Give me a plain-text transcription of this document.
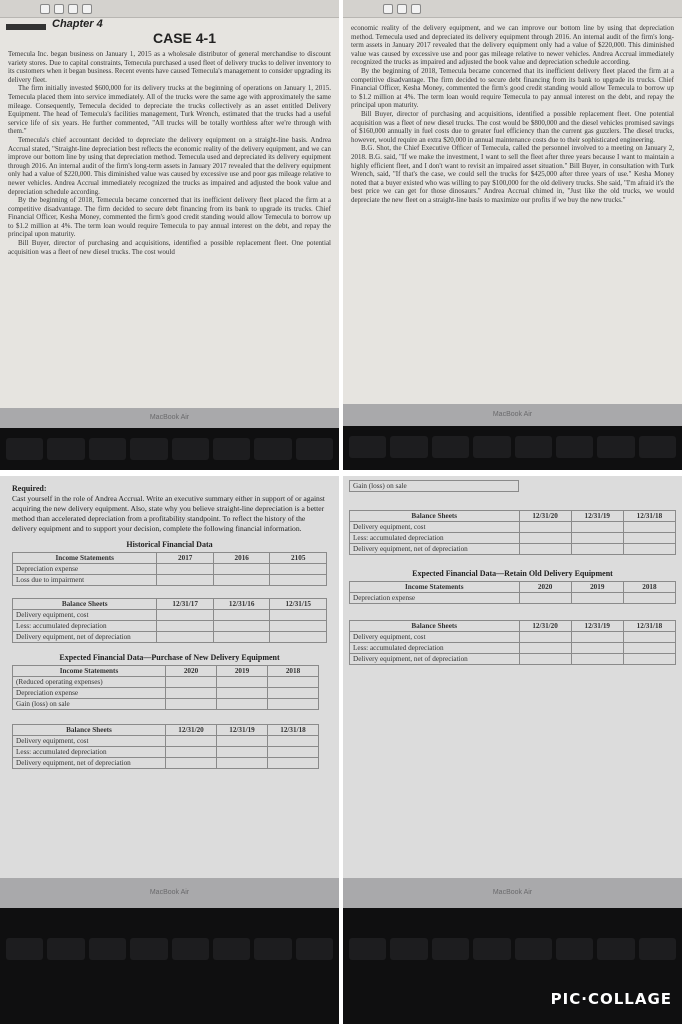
Chapter 4
CASE 4-1

Temecula Inc. began business on January 1, 2015 as a wholesale distributor of general merchandise to discount variety stores. Due to capital constraints, Temecula purchased a used fleet of delivery trucks to deliver inventory to its customers when it began business. Recent events have caused Temecula's management to consider upgrading its delivery fleet.

The firm initially invested $600,000 for its delivery trucks at the beginning of operations on January 1, 2015. Temecula placed them into service immediately. All of the trucks were the same age with approximately the same mileage. Consequently, Temecula decided to depreciate the trucks collectively as an asset entitled Delivery Equipment. The head of Temecula's facilities management, Turk Wrench, estimated that the trucks had a useful service life of six years. He further commented, "All trucks will be totally worthless after we're through with them."

Temecula's chief accountant decided to depreciate the delivery equipment on a straight-line basis. Andrea Accrual stated, "Straight-line depreciation best reflects the economic reality of the delivery equipment, and we can improve our bottom line by using that depreciation method. Temecula used and depreciated its delivery equipment through 2016. An internal audit of the firm's long-term assets in January 2017 revealed that the delivery equipment only had a value of $220,000. This diminished value was caused by excessive use and poor gas mileage relative to newer vehicles. Andrea Accrual immediately recognized the trucks as impaired and adjusted the book value and depreciation schedule according.

By the beginning of 2018, Temecula became concerned that its inefficient delivery fleet placed the firm at a competitive disadvantage. The firm decided to secure debt financing from its bank to upgrade its trucks. Chief Financial Officer, Kesha Money, commented the firm's good credit standing would allow Temecula to borrow up to $1.2 million at 4%. The term loan would require Temecula to pay annual interest on the debt, and repay the principal upon maturity.

Bill Buyer, director of purchasing and acquisitions, identified a possible replacement fleet. One potential acquisition was a fleet of new diesel trucks. The cost would

MacBook Air

economic reality of the delivery equipment, and we can improve our bottom line by using that depreciation method. Temecula used and depreciated its delivery equipment through 2016. An internal audit of the firm's long-term assets in January 2017 revealed that the delivery equipment only had a value of $220,000. This diminished value was caused by excessive use and poor gas mileage relative to newer vehicles. Andrea Accrual immediately recognized the trucks as impaired and adjusted the book value and depreciation schedule according.

By the beginning of 2018, Temecula became concerned that its inefficient delivery fleet placed the firm at a competitive disadvantage. The firm decided to secure debt financing from its bank to upgrade its trucks. Chief Financial Officer, Kesha Money, commented the firm's good credit standing would allow Temecula to borrow up to $1.2 million at 4%. The term loan would require Temecula to pay annual interest on the debt, and repay the principal upon maturity.

Bill Buyer, director of purchasing and acquisitions, identified a possible replacement fleet. One potential acquisition was a fleet of new diesel trucks. The cost would be $800,000 and the diesel vehicles promised savings of $160,000 annually in fuel costs due to greater fuel efficiency than the current gas guzzlers. The diesel trucks, however, would require an extra $20,000 in annual maintenance costs due to their sophisticated engineering.

B.G. Shot, the Chief Executive Officer of Temecula, called the personnel involved to a meeting on January 2, 2018. B.G. said, "If we make the investment, I want to sell the fleet after three years because I want to maintain a highly efficient fleet, and I don't want to revisit an impaired asset situation." Bill Buyer, in consultation with Turk Wrench, said, "If that's the case, we could sell the trucks for $425,000 after three years of use." Kesha Money noted that a buyer existed who was willing to pay $100,000 for the old delivery trucks. She said, "I'm afraid it's the best price we can get for those dinosaurs." Andrea Accrual chimed in, "Just like the old trucks, we would depreciate the new fleet on a straight-line basis to maximize our profits if we buy the new trucks."

MacBook Air
Required:
Cast yourself in the role of Andrea Accrual. Write an executive summary either in support of or against acquiring the new delivery equipment. Also, state why you believe straight-line depreciation is a better method than accelerated depreciation from a profitability standpoint. To reflect the history of the delivery equipment and to support your decision, complete the following financial information.
Historical Financial Data
Income Statements	2017	2016	2105
Depreciation expense			
Loss due to impairment			
Balance Sheets	12/31/17	12/31/16	12/31/15
Delivery equipment, cost			
Less: accumulated depreciation			
Delivery equipment, net of depreciation			
Expected Financial Data—Purchase of New Delivery Equipment
Income Statements	2020	2019	2018
(Reduced operating expenses)			
Depreciation expense			
Gain (loss) on sale			
Balance Sheets	12/31/20	12/31/19	12/31/18
Delivery equipment, cost			
Less: accumulated depreciation			
Delivery equipment, net of depreciation			
MacBook Air
Gain (loss) on sale
Balance Sheets	12/31/20	12/31/19	12/31/18
Delivery equipment, cost			
Less: accumulated depreciation			
Delivery equipment, net of depreciation			
Expected Financial Data—Retain Old Delivery Equipment
Income Statements	2020	2019	2018
Depreciation expense			
Balance Sheets	12/31/20	12/31/19	12/31/18
Delivery equipment, cost			
Less: accumulated depreciation			
Delivery equipment, net of depreciation			
MacBook Air
PIC·COLLAGE
